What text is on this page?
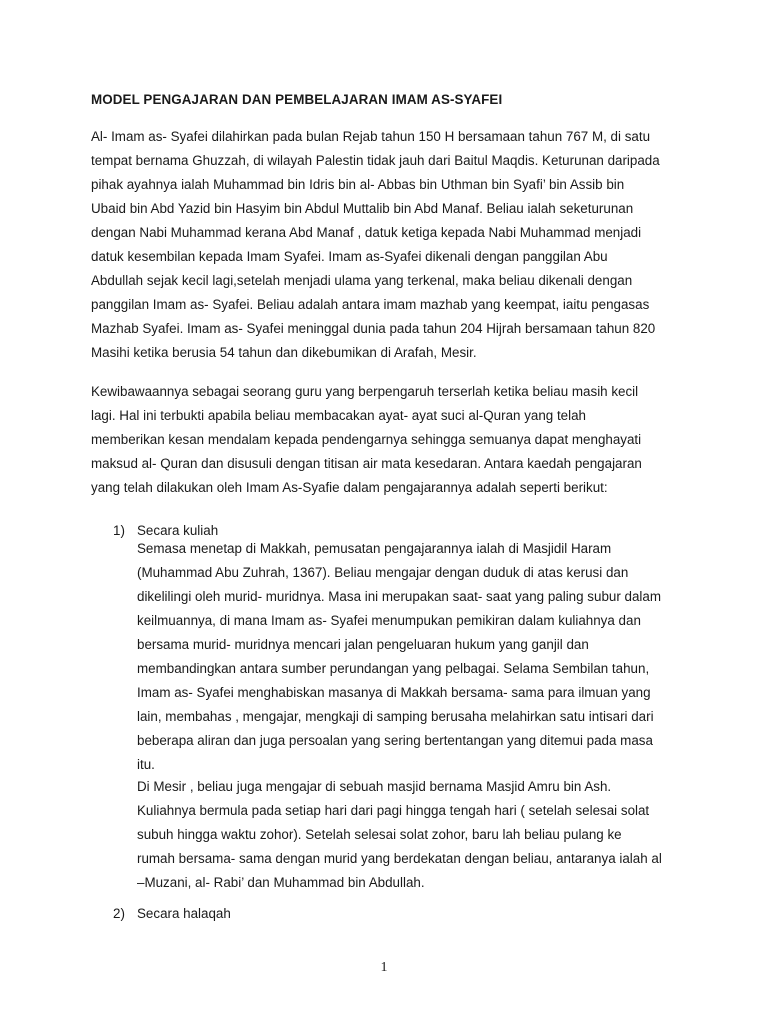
MODEL PENGAJARAN DAN PEMBELAJARAN IMAM AS-SYAFEI

Al- Imam as- Syafei dilahirkan pada bulan Rejab tahun 150 H bersamaan tahun 767 M, di satu
tempat bernama Ghuzzah, di wilayah Palestin tidak jauh dari Baitul Maqdis. Keturunan daripada
pihak ayahnya ialah Muhammad bin Idris bin al- Abbas bin Uthman bin Syafi’ bin Assib bin
Ubaid bin Abd Yazid bin Hasyim bin Abdul Muttalib bin Abd Manaf. Beliau ialah seketurunan
dengan Nabi Muhammad kerana Abd Manaf , datuk ketiga kepada Nabi Muhammad menjadi
datuk kesembilan kepada Imam Syafei. Imam as-Syafei dikenali dengan panggilan Abu
Abdullah sejak kecil lagi,setelah menjadi ulama yang terkenal, maka beliau dikenali dengan
panggilan Imam as- Syafei. Beliau adalah antara imam mazhab yang keempat, iaitu pengasas
Mazhab Syafei. Imam as- Syafei meninggal dunia pada tahun 204 Hijrah bersamaan tahun 820
Masihi ketika berusia 54 tahun dan dikebumikan di Arafah, Mesir.

Kewibawaannya sebagai seorang guru yang berpengaruh terserlah ketika beliau masih kecil
lagi. Hal ini terbukti apabila beliau membacakan ayat- ayat suci al-Quran yang telah
memberikan kesan mendalam kepada pendengarnya sehingga semuanya dapat menghayati
maksud al- Quran dan disusuli dengan titisan air mata kesedaran. Antara kaedah pengajaran
yang telah dilakukan oleh Imam As-Syafie dalam pengajarannya adalah seperti berikut:

1) Secara kuliah

Semasa menetap di Makkah, pemusatan pengajarannya ialah di Masjidil Haram
(Muhammad Abu Zuhrah, 1367). Beliau mengajar dengan duduk di atas kerusi dan
dikelilingi oleh murid- muridnya. Masa ini merupakan saat- saat yang paling subur dalam
keilmuannya, di mana Imam as- Syafei menumpukan pemikiran dalam kuliahnya dan
bersama murid- muridnya mencari jalan pengeluaran hukum yang ganjil dan
membandingkan antara sumber perundangan yang pelbagai. Selama Sembilan tahun,
Imam as- Syafei menghabiskan masanya di Makkah bersama- sama para ilmuan yang
lain, membahas , mengajar, mengkaji di samping berusaha melahirkan satu intisari dari
beberapa aliran dan juga persoalan yang sering bertentangan yang ditemui pada masa
itu.

Di Mesir , beliau juga mengajar di sebuah masjid bernama Masjid Amru bin Ash.
Kuliahnya bermula pada setiap hari dari pagi hingga tengah hari ( setelah selesai solat
subuh hingga waktu zohor). Setelah selesai solat zohor, baru lah beliau pulang ke
rumah bersama- sama dengan murid yang berdekatan dengan beliau, antaranya ialah al
–Muzani, al- Rabi’ dan Muhammad bin Abdullah.

2) Secara halaqah
1
